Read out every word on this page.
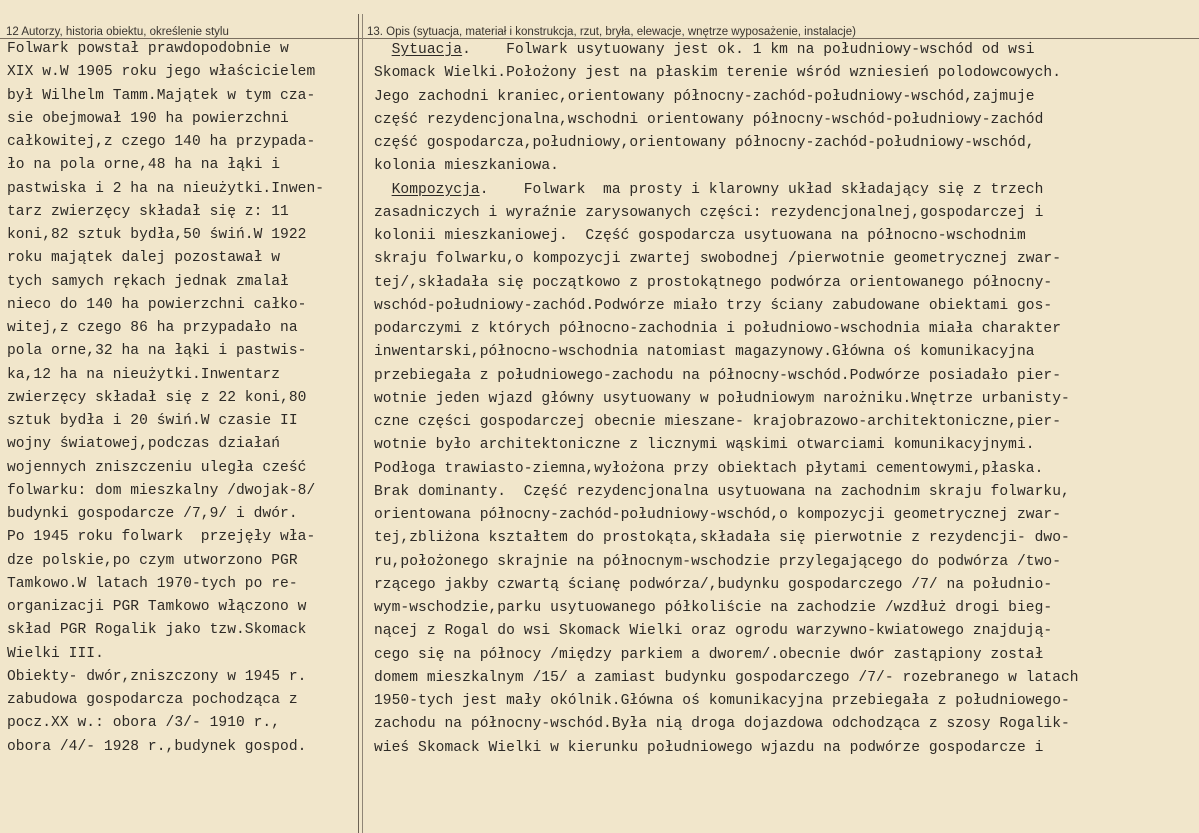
12 Autorzy, historia obiektu, określenie stylu	13. Opis (sytuacja, materiał i konstrukcja, rzut, bryła, elewacje, wnętrze wyposażenie, instalacje)
Folwark powstał prawdopodobnie w
XIX w.W 1905 roku jego właścicielem
był Wilhelm Tamm.Majątek w tym cza-
sie obejmował 190 ha powierzchni
całkowitej,z czego 140 ha przypada-
ło na pola orne,48 ha na łąki i
pastwiska i 2 ha na nieużytki.Inwen-
tarz zwierzęcy składał się z: 11
koni,82 sztuk bydła,50 świń.W 1922
roku majątek dalej pozostawał w
tych samych rękach jednak zmalał
nieco do 140 ha powierzchni całko-
witej,z czego 86 ha przypadało na
pola orne,32 ha na łąki i pastwis-
ka,12 ha na nieużytki.Inwentarz
zwierzęcy składał się z 22 koni,80
sztuk bydła i 20 świń.W czasie II
wojny światowej,podczas działań
wojennych zniszczeniu uległa cześć
folwarku: dom mieszkalny /dwojak-8/
budynki gospodarcze /7,9/ i dwór.
Po 1945 roku folwark  przejęły wła-
dze polskie,po czym utworzono PGR
Tamkowo.W latach 1970-tych po re-
organizacji PGR Tamkowo włączono w
skład PGR Rogalik jako tzw.Skomack
Wielki III.
Obiekty- dwór,zniszczony w 1945 r.
zabudowa gospodarcza pochodząca z
pocz.XX w.: obora /3/- 1910 r.,
obora /4/- 1928 r.,budynek gospod.
Sytuacja.    Folwark usytuowany jest ok. 1 km na południowy-wschód od wsi
Skomack Wielki.Położony jest na płaskim terenie wśród wzniesień polodowcowych.
Jego zachodni kraniec,orientowany północny-zachód-południowy-wschód,zajmuje
część rezydencjonalna,wschodni orientowany północny-wschód-południowy-zachód
część gospodarcza,południowy,orientowany północny-zachód-południowy-wschód,
kolonia mieszkaniowa.
Kompozycja.    Folwark  ma prosty i klarowny układ składający się z trzech
zasadniczych i wyraźnie zarysowanych części: rezydencjonalnej,gospodarczej i
kolonii mieszkaniowej.  Część gospodarcza usytuowana na północno-wschodnim
skraju folwarku,o kompozycji zwartej swobodnej /pierwotnie geometrycznej zwar-
tej/,składała się początkowo z prostokątnego podwórza orientowanego północny-
wschód-południowy-zachód.Podwórze miało trzy ściany zabudowane obiektami gos-
podarczymi z których północno-zachodnia i południowo-wschodnia miała charakter
inwentarski,północno-wschodnia natomiast magazynowy.Główna oś komunikacyjna
przebiegała z południowego-zachodu na północny-wschód.Podwórze posiadało pier-
wotnie jeden wjazd główny usytuowany w południowym narożniku.Wnętrze urbanisty-
czne części gospodarczej obecnie mieszane- krajobrazowo-architektoniczne,pier-
wotnie było architektoniczne z licznymi wąskimi otwarciami komunikacyjnymi.
Podłoga trawiasto-ziemna,wyłożona przy obiektach płytami cementowymi,płaska.
Brak dominanty.  Część rezydencjonalna usytuowana na zachodnim skraju folwarku,
orientowana północny-zachód-południowy-wschód,o kompozycji geometrycznej zwar-
tej,zbliżona kształtem do prostokąta,składała się pierwotnie z rezydencji- dwo-
ru,położonego skrajnie na północnym-wschodzie przylegającego do podwórza /two-
rzącego jakby czwartą ścianę podwórza/,budynku gospodarczego /7/ na południo-
wym-wschodzie,parku usytuowanego półkoliście na zachodzie /wzdłuż drogi bieg-
nącej z Rogal do wsi Skomack Wielki oraz ogrodu warzywno-kwiatowego znajdują-
cego się na północy /między parkiem a dworem/.obecnie dwór zastąpiony został
domem mieszkalnym /15/ a zamiast budynku gospodarczego /7/- rozebranego w latach
1950-tych jest mały okólnik.Główna oś komunikacyjna przebiegała z południowego-
zachodu na północny-wschód.Była nią droga dojazdowa odchodząca z szosy Rogalik-
wieś Skomack Wielki w kierunku południowego wjazdu na podwórze gospodarcze i
